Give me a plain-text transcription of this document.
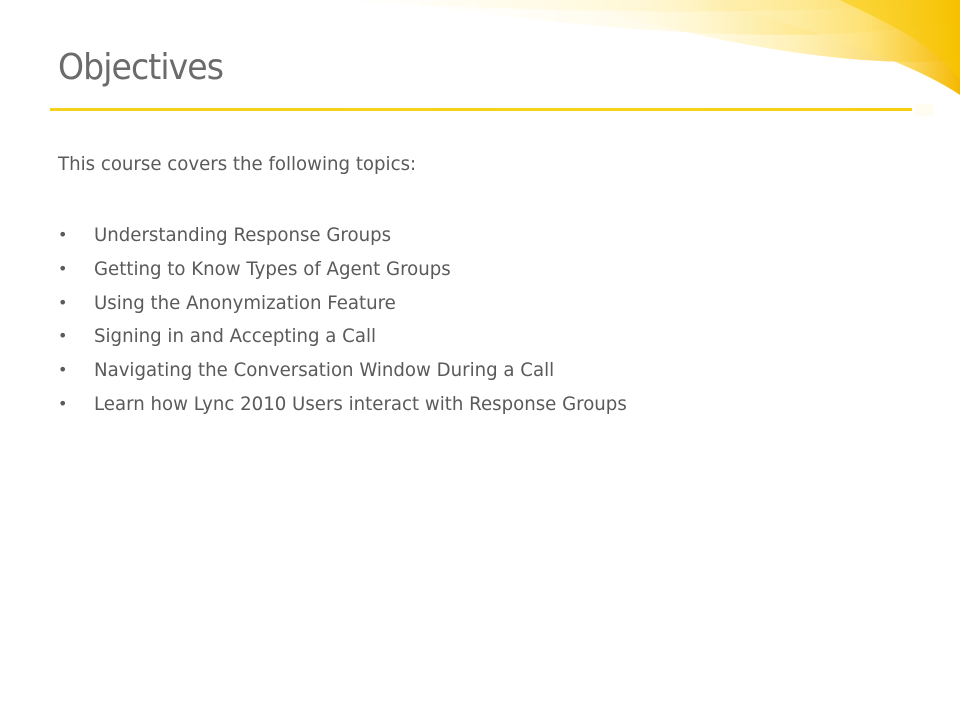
Objectives

This course covers the following topics:

• Understanding Response Groups
• Getting to Know Types of Agent Groups
• Using the Anonymization Feature
• Signing in and Accepting a Call
• Navigating the Conversation Window During a Call
• Learn how Lync 2010 Users interact with Response Groups
